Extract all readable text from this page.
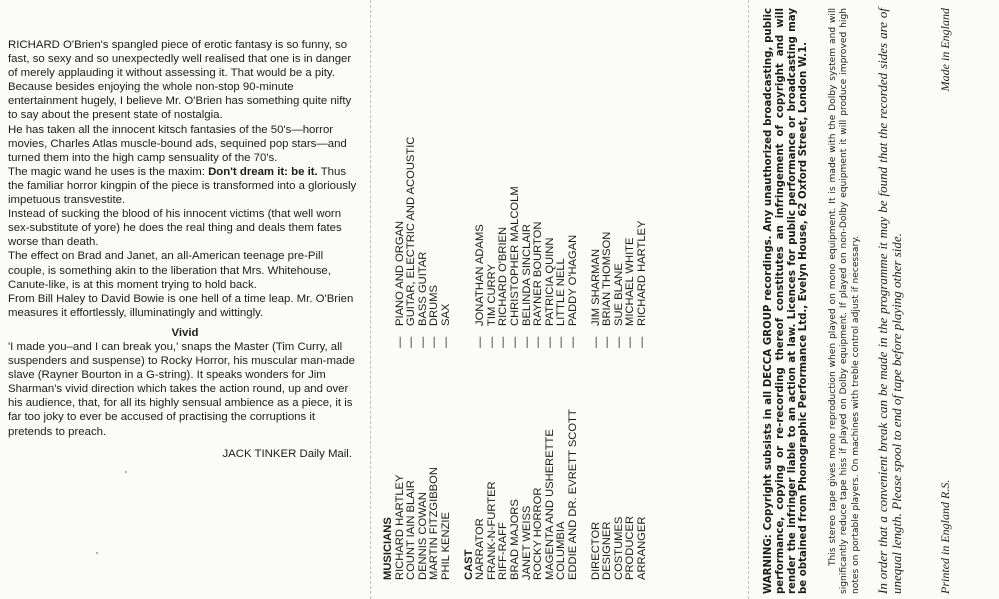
RICHARD O'Brien's spangled piece of erotic fantasy is so funny, so fast, so sexy and so unexpectedly well realised that one is in danger of merely applauding it without assessing it. That would be a pity. Because besides enjoying the whole non-stop 90-minute entertainment hugely, I believe Mr. O'Brien has something quite nifty to say about the present state of nostalgia.

He has taken all the innocent kitsch fantasies of the 50's—horror movies, Charles Atlas muscle-bound ads, sequined pop stars—and turned them into the high camp sensuality of the 70's.

The magic wand he uses is the maxim: Don't dream it: be it. Thus the familiar horror kingpin of the piece is transformed into a gloriously impetuous transvestite.

Instead of sucking the blood of his innocent victims (that well worn sex-substitute of yore) he does the real thing and deals them fates worse than death.

The effect on Brad and Janet, an all-American teenage pre-Pill couple, is something akin to the liberation that Mrs. Whitehouse, Canute-like, is at this moment trying to hold back.

From Bill Haley to David Bowie is one hell of a time leap. Mr. O'Brien measures it effortlessly, illuminatingly and wittingly.

Vivid

'I made you–and I can break you,' snaps the Master (Tim Curry, all suspenders and suspense) to Rocky Horror, his muscular man-made slave (Rayner Bourton in a G-string). It speaks wonders for Jim Sharman's vivid direction which takes the action round, up and over his audience, that, for all its highly sensual ambience as a piece, it is far too joky to ever be accused of practising the corruptions it pretends to preach.

JACK TINKER Daily Mail.

MUSICIANS RICHARD HARTLEY COUNT IAIN BLAIR DENNIS COWAN MARTIN FITZGIBBON PHIL KENZIE

— — — — —

PIANO AND ORGAN GUITAR, ELECTRIC AND ACOUSTIC BASS GUITAR DRUMS SAX
CAST NARRATOR FRANK-N-FURTER RIFF-RAFF BRAD MAJORS JANET WEISS ROCKY HORROR MAGENTA AND USHERETTE COLUMBIA EDDIE AND DR. EVRETT SCOTT

— — — — — — — — —

JONATHAN ADAMS TIM CURRY RICHARD O'BRIEN CHRISTOPHER MALCOLM BELINDA SINCLAIR RAYNER BOURTON PATRICIA QUINN LITTLE NELL PADDY O'HAGAN
DIRECTOR DESIGNER COSTUMES PRODUCER ARRANGER
— — — — —
JIM SHARMAN BRIAN THOMSON SUE BLANE MICHAEL WHITE RICHARD HARTLEY	WARNING: Copyright subsists in all DECCA GROUP recordings. Any unauthorized broadcasting, public performance, copying or re-recording thereof constitutes an infringement of copyright and will render the infringer liable to an action at law. Licences for public performance or broadcasting may be obtained from Phonographic Performance Ltd., Evelyn House, 62 Oxford Street, London W.1. This stereo tape gives mono reproduction when played on mono equipment. It is made with the Dolby system and will significantly reduce tape hiss if played on Dolby equipment. If played on non-Dolby equipment it will produce improved high notes on portable players. On machines with treble control adjust if necessary. In order that a convenient break can be made in the programme it may be found that the recorded sides are of unequal length. Please spool to end of tape before playing other side.	Printed in England R.S.
Made in England
